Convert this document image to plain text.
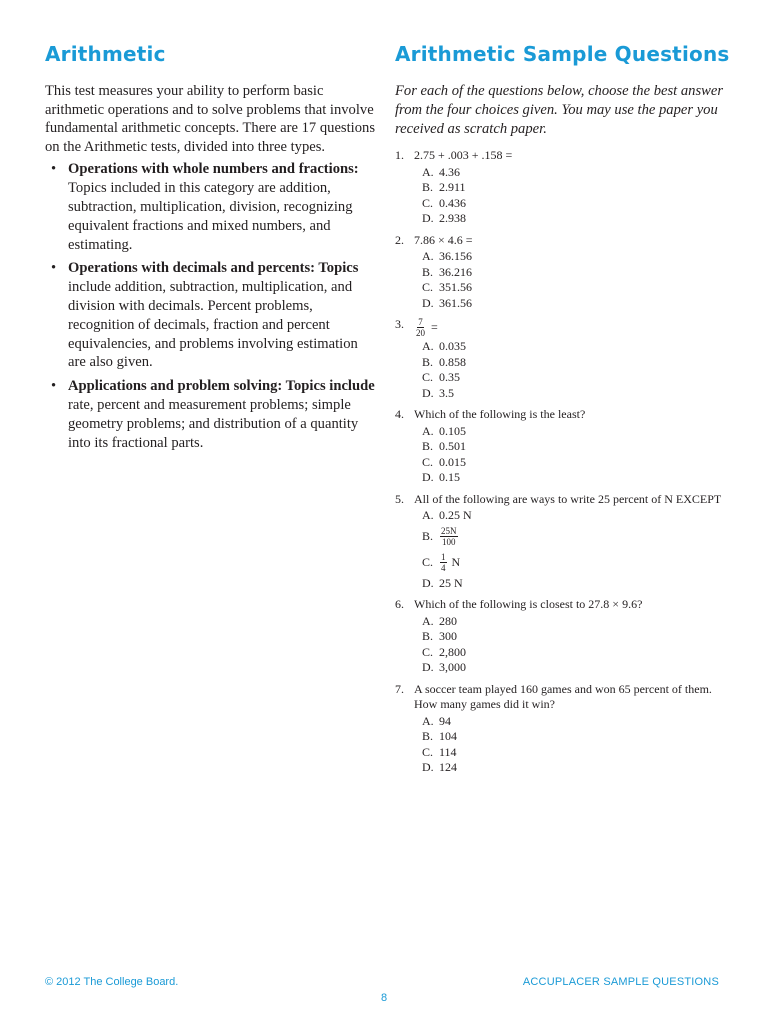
Arithmetic

This test measures your ability to perform basic arithmetic operations and to solve problems that involve fundamental arithmetic concepts. There are 17 questions on the Arithmetic tests, divided into three types.

• Operations with whole numbers and fractions: Topics included in this category are addition, subtraction, multiplication, division, recognizing equivalent fractions and mixed numbers, and estimating.
• Operations with decimals and percents: Topics include addition, subtraction, multiplication, and division with decimals. Percent problems, recognition of decimals, fraction and percent equivalencies, and problems involving estimation are also given.
• Applications and problem solving: Topics include rate, percent and measurement problems; simple geometry problems; and distribution of a quantity into its fractional parts.
Arithmetic Sample Questions

For each of the questions below, choose the best answer from the four choices given. You may use the paper you received as scratch paper.

1. 2.75 + .003 + .158 =
A. 4.36
B. 2.911
C. 0.436
D. 2.938
2. 7.86 × 4.6 =
A. 36.156
B. 36.216
C. 351.56
D. 361.56
3.	$\frac{7}{20}$ =
A. 0.035
B. 0.858
C. 0.35
D. 3.5
4. Which of the following is the least?
A. 0.105
B. 0.501
C. 0.015
D. 0.15
5. All of the following are ways to write 25 percent of N EXCEPT
A. 0.25 N
B. $\frac{25N}{100}$
C. $\frac{1}{4}$ N
D. 25 N
6. Which of the following is closest to 27.8 × 9.6?
A. 280
B. 300
C. 2,800
D. 3,000
7. A soccer team played 160 games and won 65 percent of them. How many games did it win?
A. 94
B. 104
C. 114
D. 124
© 2012 The College Board.	ACCUPLACER SAMPLE QUESTIONS
8
